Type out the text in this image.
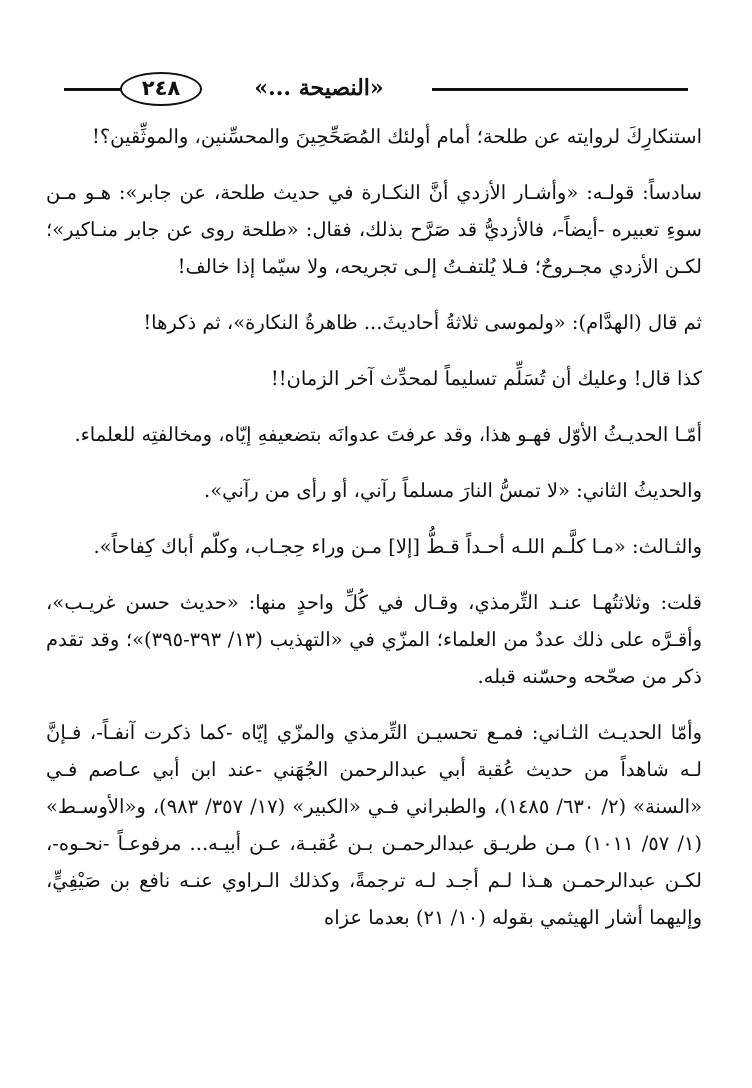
٢٤٨	«النصيحة ...»

استنكارِكَ لروايته عن طلحة؛ أمام أولئك المُصَحِّحِينَ والمحسِّنين، والموثِّقين؟!

سادساً: قولـه: «وأشـار الأزدي أنَّ النكـارة في حديث طلحة، عن جابر»: هـو مـن سوءِ تعبيره -أيضاً-، فالأزديُّ قد صَرَّح بذلك، فقال: «طلحة روى عن جابر منـاكير»؛ لكـن الأزدي مجـروحٌ؛ فـلا يُلتفـتُ إلـى تجريحه، ولا سيّما إذا خالف!

ثم قال (الهدَّام): «ولموسى ثلاثةُ أحاديثَ... ظاهرةُ النكارة»، ثم ذكرها!

كذا قال! وعليك أن تُسَلِّم تسليماً لمحدِّث آخر الزمان!!

أمّـا الحديـثُ الأوّل فهـو هذا، وقد عرفتَ عدوانَه بتضعيفهِ إيّاه، ومخالفتِه للعلماء.

والحديثُ الثاني: «لا تمسُّ النارَ مسلماً رآني، أو رأى من رآني».

والثـالث: «مـا كلَّـم اللـه أحـداً قـطُّ [إلا] مـن وراء حِجـاب، وكلّم أباك كِفاحاً».

قلت: وثلاثتُهـا عنـد التِّرمذي، وقـال في كُلِّ واحدٍ منها: «حديث حسن غريـب»، وأقـرَّه على ذلك عددٌ من العلماء؛ المزّي في «التهذيب (١٣/ ٣٩٣-٣٩٥)»؛ وقد تقدم ذكر من صحّحه وحسّنه قبله.

وأمّا الحديـث الثـاني: فمـع تحسيـن التِّرمذي والمزّي إيّاه -كما ذكرت آنفـاً-، فـإنَّ لـه شاهداً من حديث عُقبة أبي عبدالرحمن الجُهَني -عند ابن أبي عـاصم فـي «السنة» (٢/ ٦٣٠/ ١٤٨٥)، والطبراني فـي «الكبير» (١٧/ ٣٥٧/ ٩٨٣)، و«الأوسـط» (١/ ٥٧/ ١٠١١) مـن طريـق عبدالرحمـن بـن عُقبـة، عـن أبيـه... مرفوعـاً -نحـوه-، لكـن عبدالرحمـن هـذا لـم أجـد لـه ترجمةً، وكذلك الـراوي عنـه نافع بن صَيْفِيٍّ، وإليهما أشار الهيثمي بقوله (١٠/ ٢١) بعدما عزاه
